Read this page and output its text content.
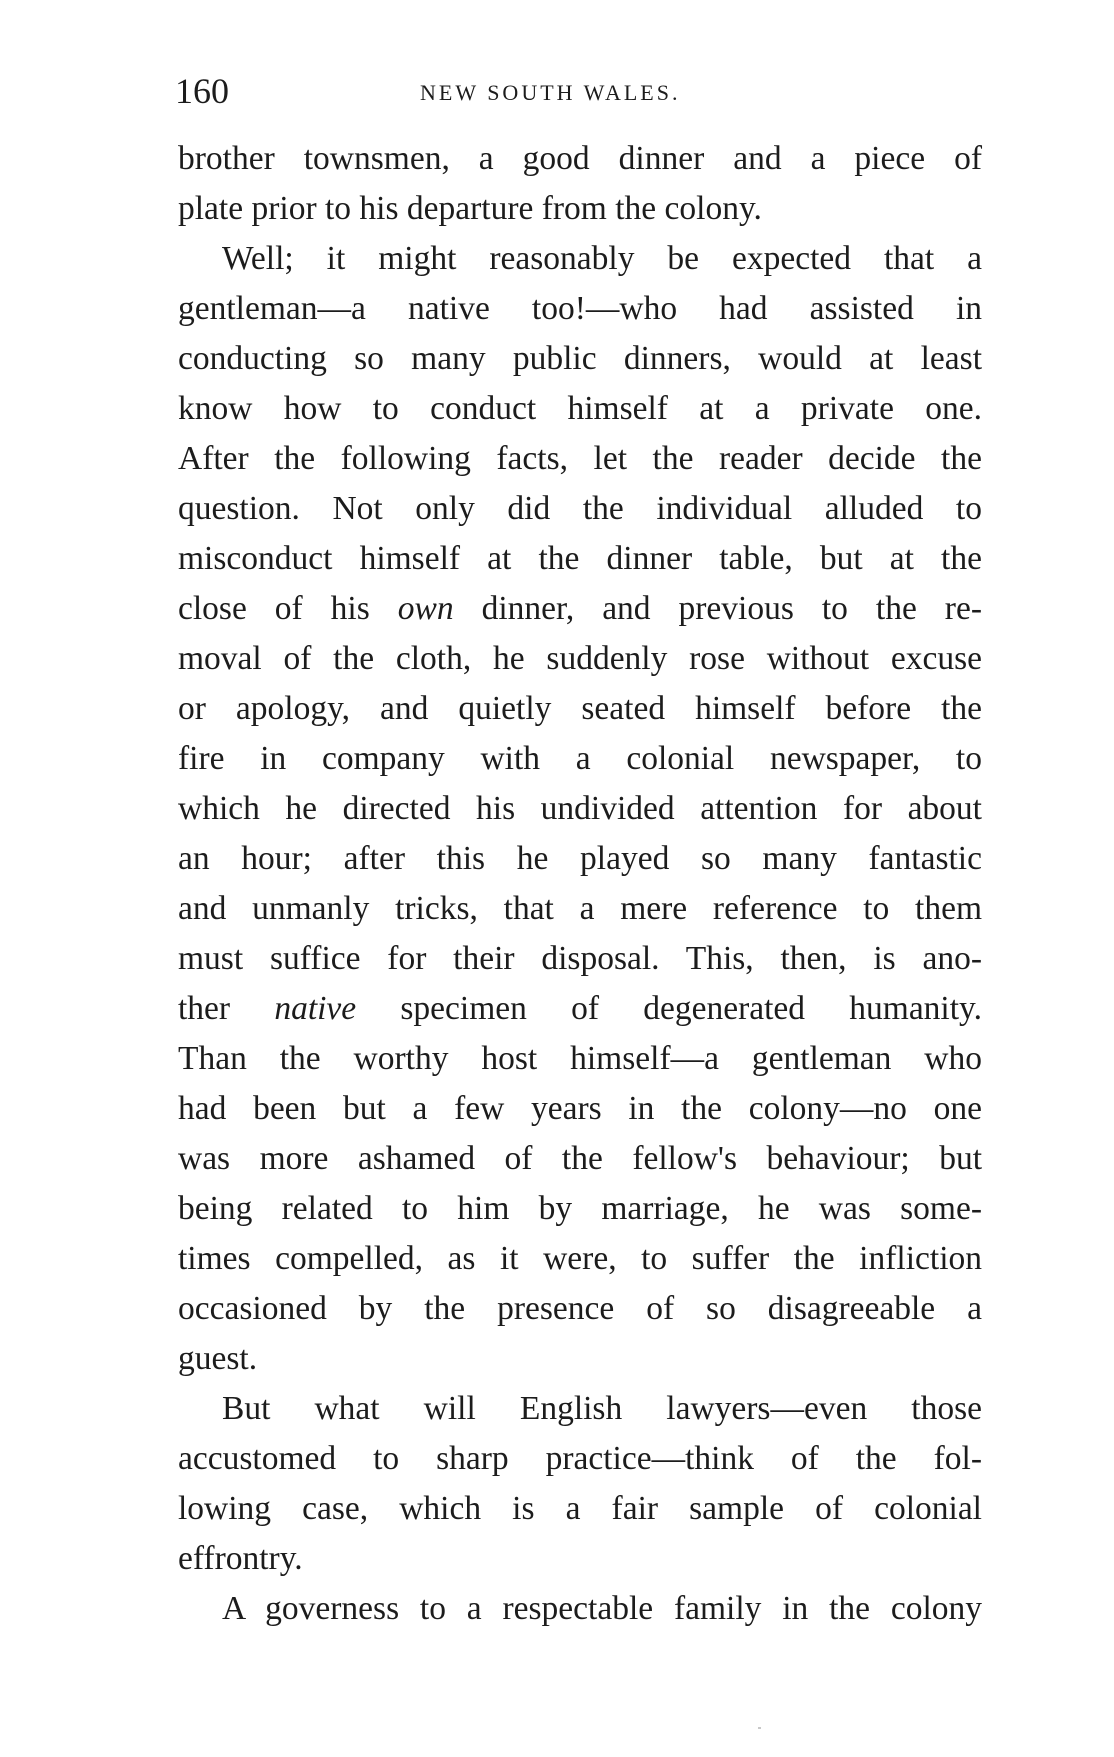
160	NEW SOUTH WALES.
brother townsmen, a good dinner and a piece of
plate prior to his departure from the colony.
Well; it might reasonably be expected that a
gentleman—a native too!—who had assisted in
conducting so many public dinners, would at least
know how to conduct himself at a private one.
After the following facts, let the reader decide the
question. Not only did the individual alluded to
misconduct himself at the dinner table, but at the
close of his own dinner, and previous to the re-
moval of the cloth, he suddenly rose without excuse
or apology, and quietly seated himself before the
fire in company with a colonial newspaper, to
which he directed his undivided attention for about
an hour; after this he played so many fantastic
and unmanly tricks, that a mere reference to them
must suffice for their disposal. This, then, is ano-
ther native specimen of degenerated humanity.
Than the worthy host himself—a gentleman who
had been but a few years in the colony—no one
was more ashamed of the fellow's behaviour; but
being related to him by marriage, he was some-
times compelled, as it were, to suffer the infliction
occasioned by the presence of so disagreeable a
guest.
But what will English lawyers—even those
accustomed to sharp practice—think of the fol-
lowing case, which is a fair sample of colonial
effrontry.
A governess to a respectable family in the colony
